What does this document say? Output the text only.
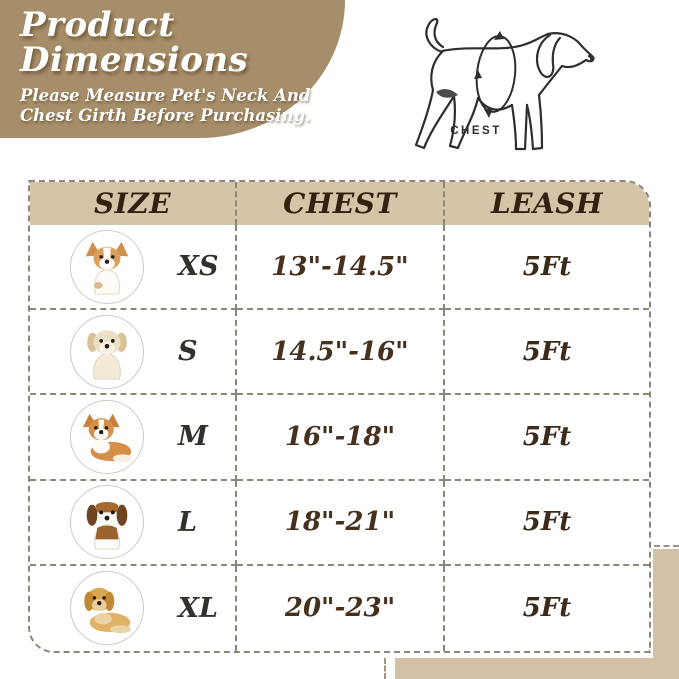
Product
Dimensions
Please Measure Pet's Neck And
Chest Girth Before Purchasing.
CHEST
SIZE	CHEST	LEASH
XS	13"-14.5"	5Ft
S	14.5"-16"	5Ft
M	16"-18"	5Ft
L	18"-21"	5Ft
XL	20"-23"	5Ft
